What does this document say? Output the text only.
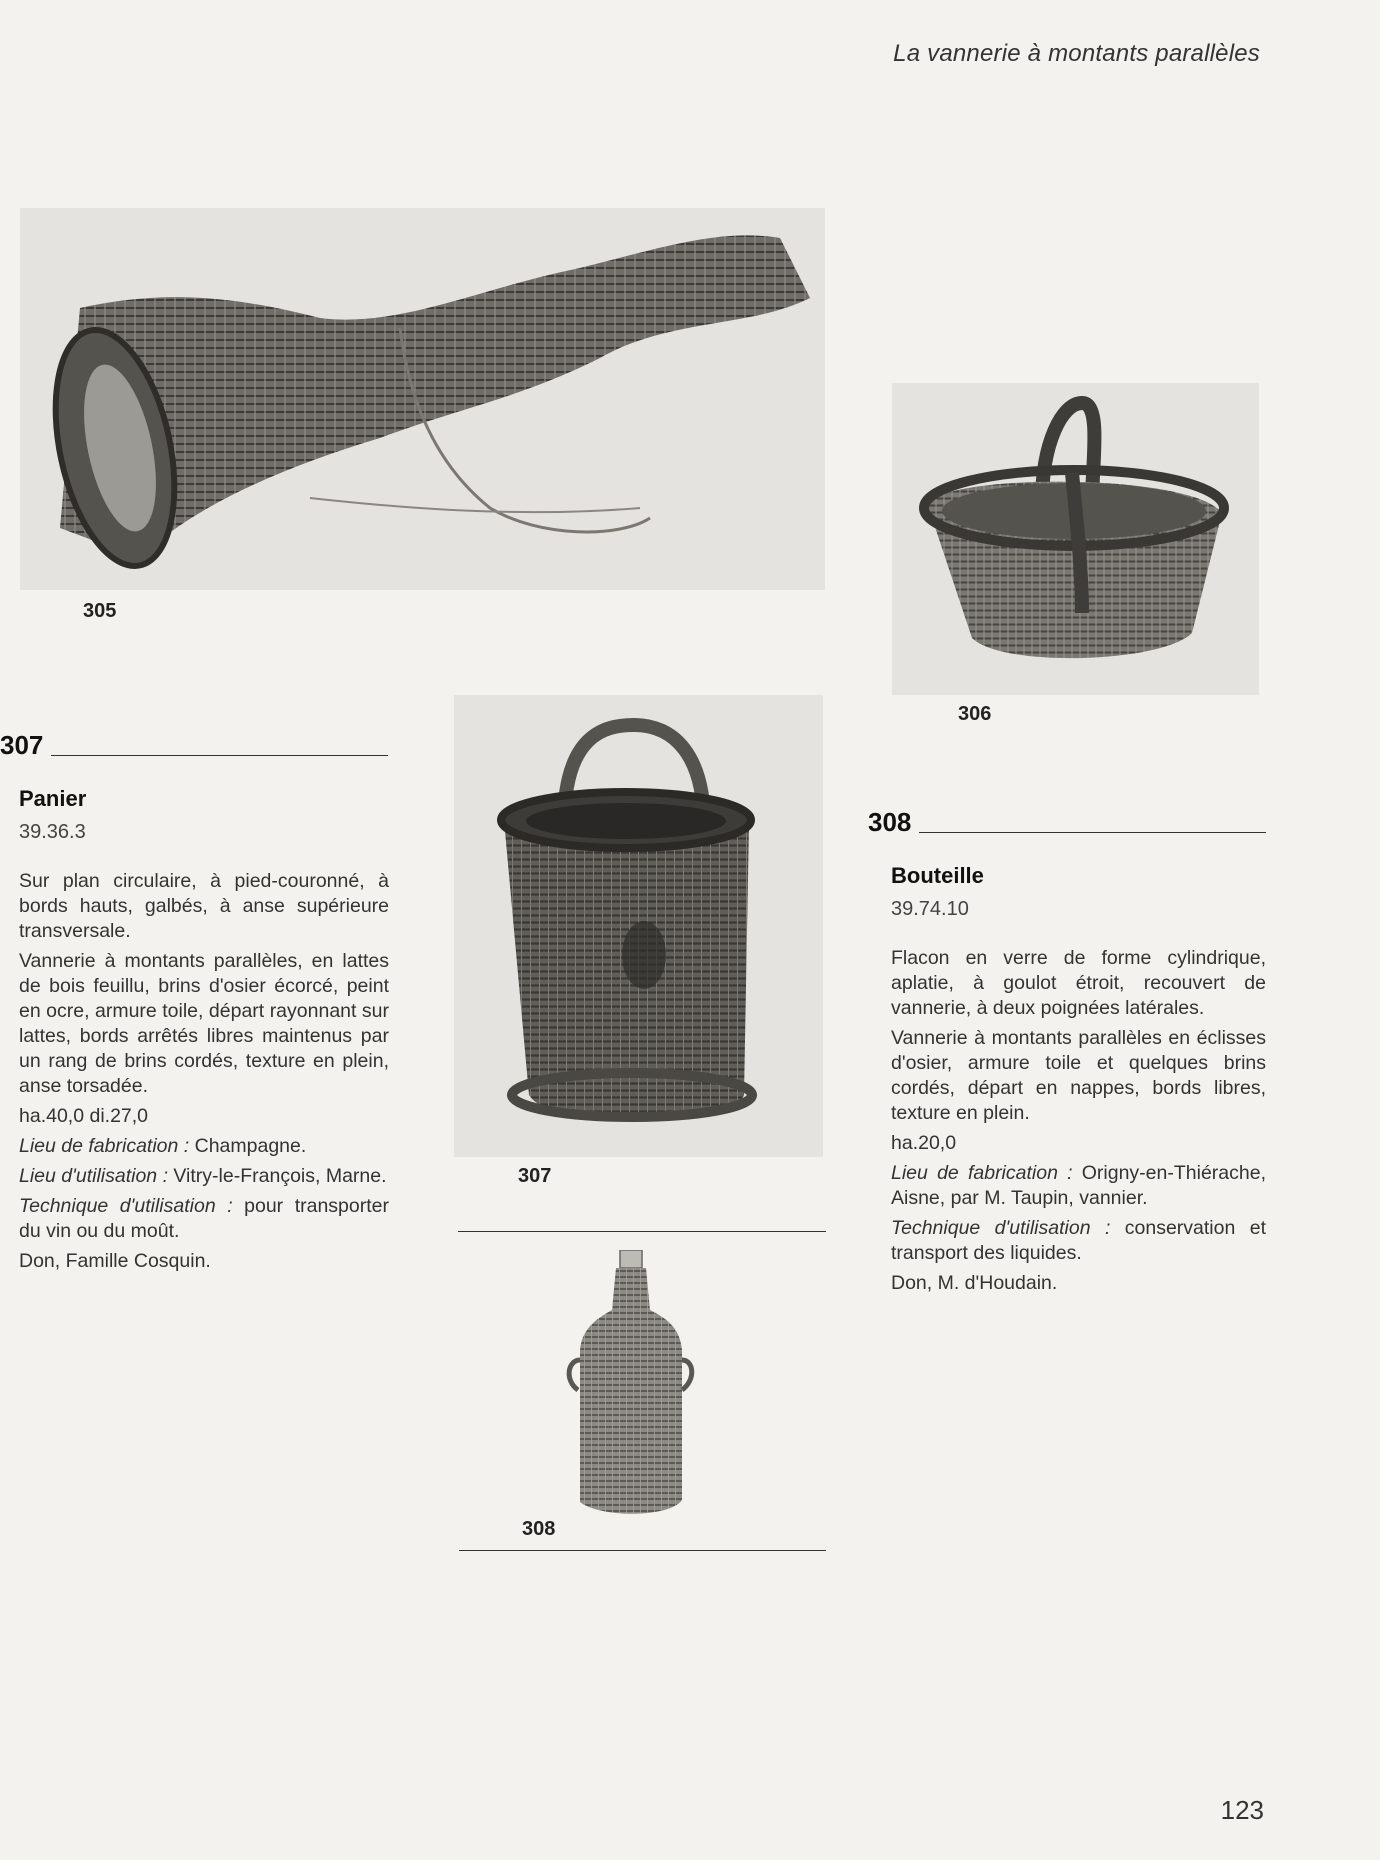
La vannerie à montants parallèles
305
306
307
308
307
Panier
39.36.3

Sur plan circulaire, à pied-couronné, à bords hauts, galbés, à anse supérieure transversale.

Vannerie à montants parallèles, en lattes de bois feuillu, brins d'osier écorcé, peint en ocre, armure toile, départ rayonnant sur lattes, bords arrêtés libres maintenus par un rang de brins cordés, texture en plein, anse torsadée.

ha.40,0 di.27,0

Lieu de fabrication : Champagne.

Lieu d'utilisation : Vitry-le-François, Marne.

Technique d'utilisation : pour transporter du vin ou du moût.

Don, Famille Cosquin.

308
Bouteille
39.74.10

Flacon en verre de forme cylindrique, aplatie, à goulot étroit, recouvert de vannerie, à deux poignées latérales.

Vannerie à montants parallèles en éclisses d'osier, armure toile et quelques brins cordés, départ en nappes, bords libres, texture en plein.

ha.20,0

Lieu de fabrication : Origny-en-Thiérache, Aisne, par M. Taupin, vannier.

Technique d'utilisation : conservation et transport des liquides.

Don, M. d'Houdain.

123
